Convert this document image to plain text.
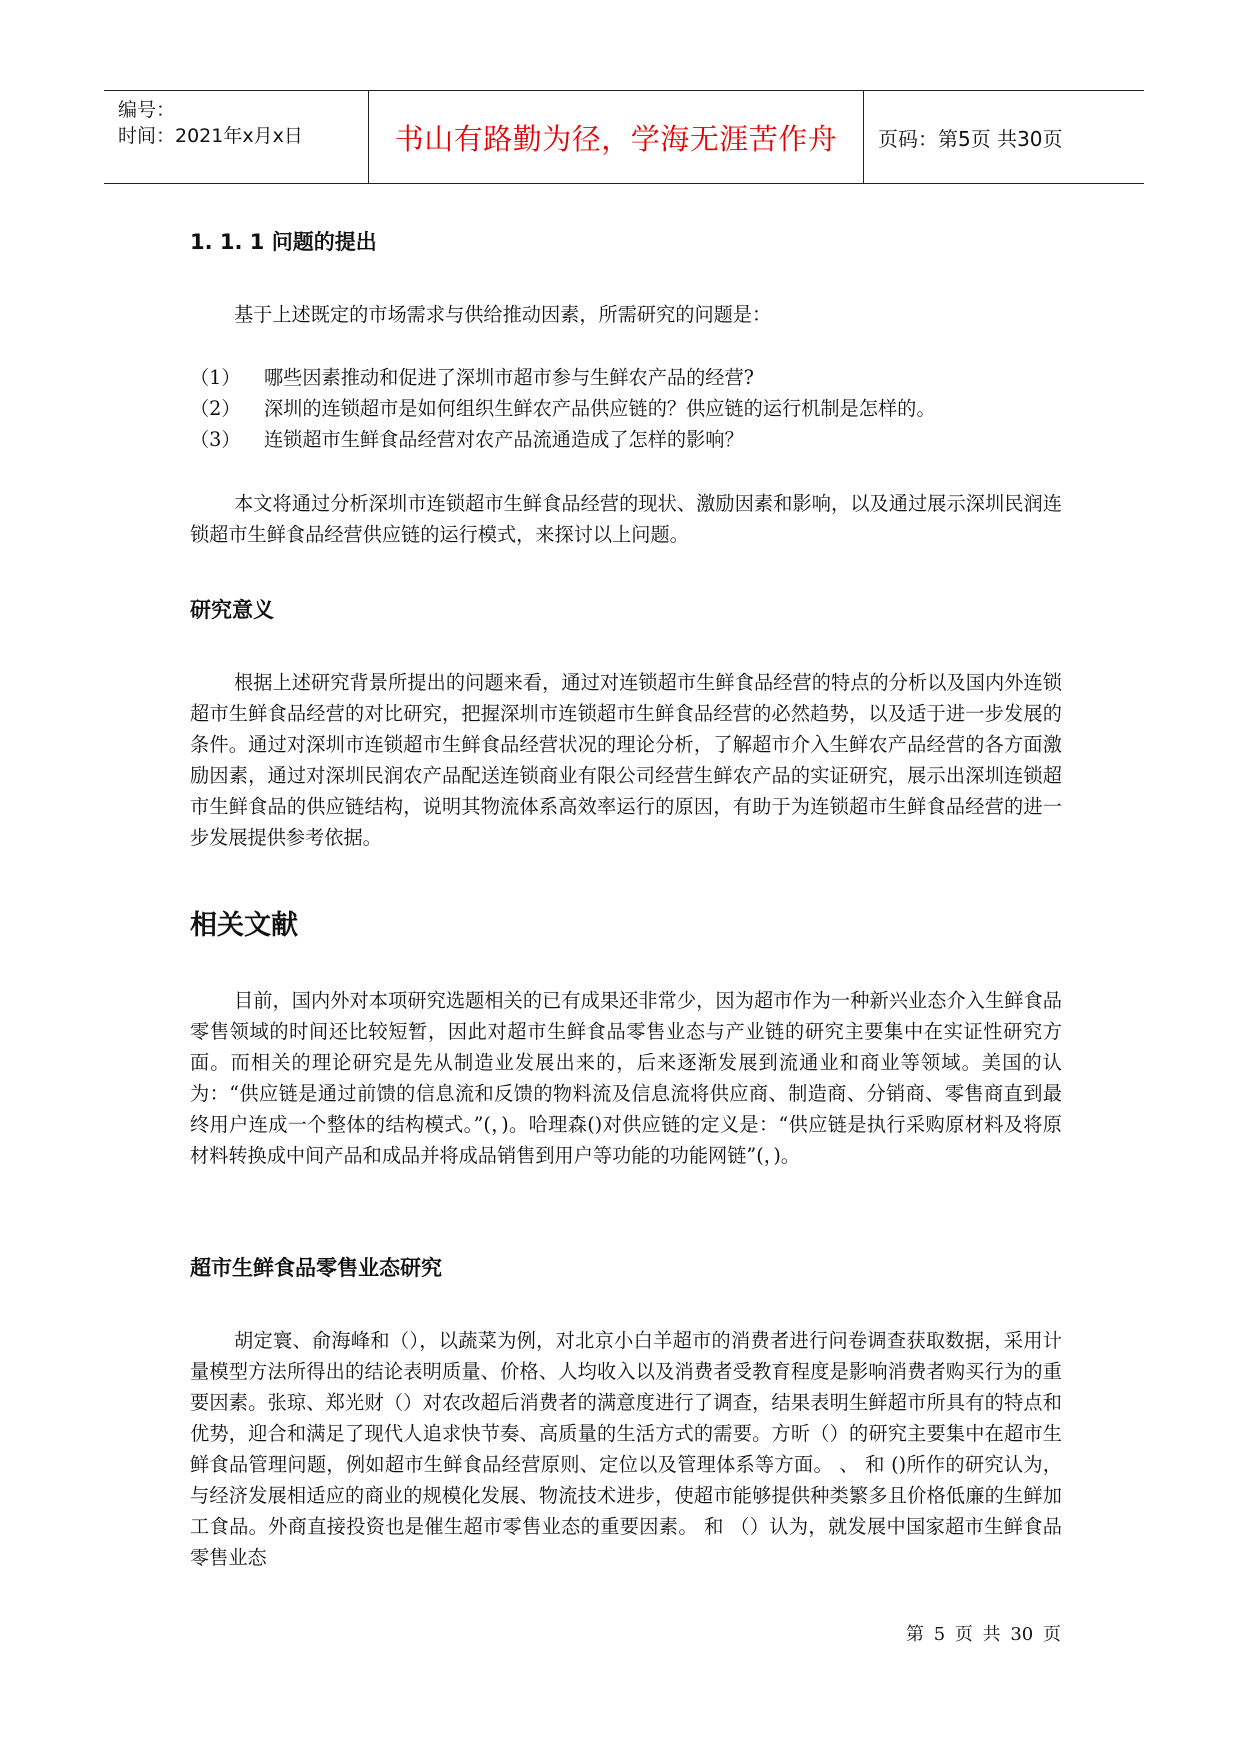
编号：
时间：2021年x月x日	书山有路勤为径，学海无涯苦作舟 页码：第5页 共30页
1. 1. 1 问题的提出

基于上述既定的市场需求与供给推动因素，所需研究的问题是：

（1）	哪些因素推动和促进了深圳市超市参与生鲜农产品的经营?
（2）	深圳的连锁超市是如何组织生鲜农产品供应链的？供应链的运行机制是怎样的。
（3）	连锁超市生鲜食品经营对农产品流通造成了怎样的影响？

本文将通过分析深圳市连锁超市生鲜食品经营的现状、激励因素和影响，以及通过展示深圳民润连锁超市生鲜食品经营供应链的运行模式，来探讨以上问题。

研究意义

根据上述研究背景所提出的问题来看，通过对连锁超市生鲜食品经营的特点的分析以及国内外连锁超市生鲜食品经营的对比研究，把握深圳市连锁超市生鲜食品经营的必然趋势，以及适于进一步发展的条件。通过对深圳市连锁超市生鲜食品经营状况的理论分析，了解超市介入生鲜农产品经营的各方面激励因素，通过对深圳民润农产品配送连锁商业有限公司经营生鲜农产品的实证研究，展示出深圳连锁超市生鲜食品的供应链结构，说明其物流体系高效率运行的原因，有助于为连锁超市生鲜食品经营的进一步发展提供参考依据。

相关文献

目前，国内外对本项研究选题相关的已有成果还非常少，因为超市作为一种新兴业态介入生鲜食品零售领域的时间还比较短暂，因此对超市生鲜食品零售业态与产业链的研究主要集中在实证性研究方面。而相关的理论研究是先从制造业发展出来的，后来逐渐发展到流通业和商业等领域。美国的认为：“供应链是通过前馈的信息流和反馈的物料流及信息流将供应商、制造商、分销商、零售商直到最终用户连成一个整体的结构模式。”(，)。哈理森()对供应链的定义是：“供应链是执行采购原材料及将原材料转换成中间产品和成品并将成品销售到用户等功能的功能网链”(，)。

超市生鲜食品零售业态研究

胡定寰、俞海峰和（），以蔬菜为例，对北京小白羊超市的消费者进行问卷调查获取数据，采用计量模型方法所得出的结论表明质量、价格、人均收入以及消费者受教育程度是影响消费者购买行为的重要因素。张琼、郑光财（）对农改超后消费者的满意度进行了调查，结果表明生鲜超市所具有的特点和优势，迎合和满足了现代人追求快节奏、高质量的生活方式的需要。方昕（）的研究主要集中在超市生鲜食品管理问题，例如超市生鲜食品经营原则、定位以及管理体系等方面。 、 和 ()所作的研究认为，与经济发展相适应的商业的规模化发展、物流技术进步，使超市能够提供种类繁多且价格低廉的生鲜加工食品。外商直接投资也是催生超市零售业态的重要因素。 和 （）认为，就发展中国家超市生鲜食品零售业态

第 5 页 共 30 页
